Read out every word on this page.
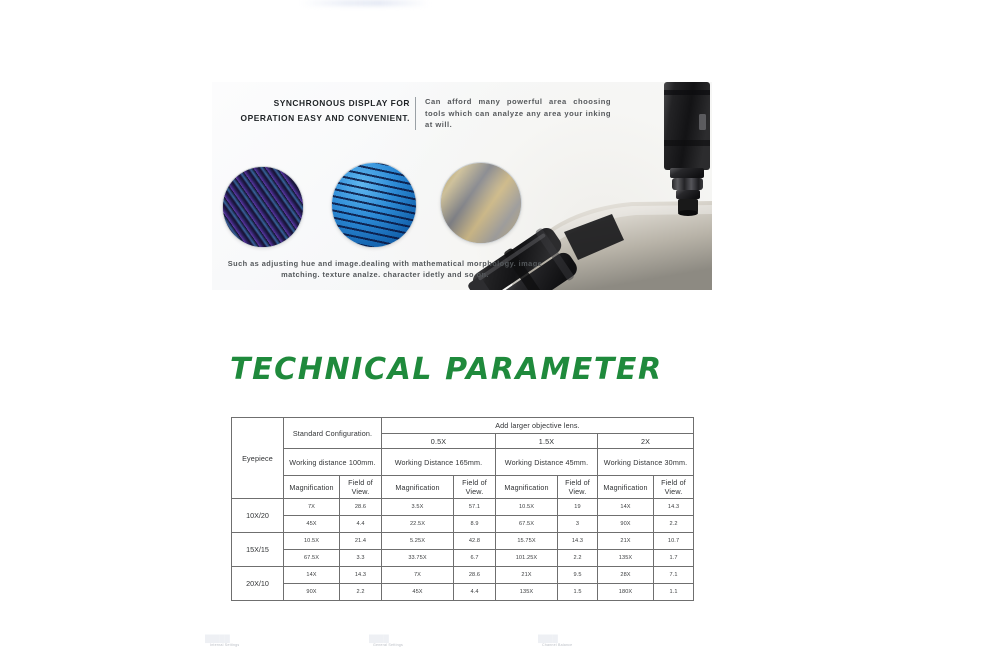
SYNCHRONOUS DISPLAY FOR
OPERATION EASY AND CONVENIENT.
Can afford many powerful area choosing tools which can analyze any area your inking at will.
Such as adjusting hue and image.dealing with mathematical morphology. image matching. texture analze. character idetly and so on.
TECHNICAL PARAMETER
Eyepiece	Standard Configuration.		Add larger objective lens.					
			0.5X		1.5X		2X	
	Working distance 100mm.		Working Distance 165mm.		Working Distance 45mm.		Working Distance 30mm.	
	Magnification	Field of View.	Magnification	Field of View.	Magnification	Field of View.	Magnification	Field of View.
10X/20	7X	28.6	3.5X	57.1	10.5X	19	14X	14.3
	45X	4.4	22.5X	8.9	67.5X	3	90X	2.2
15X/15	10.5X	21.4	5.25X	42.8	15.75X	14.3	21X	10.7
	67.5X	3.3	33.75X	6.7	101.25X	2.2	135X	1.7
20X/10	14X	14.3	7X	28.6	21X	9.5	28X	7.1
	90X	2.2	45X	4.4	135X	1.5	180X	1.1
█████
Internal Settings
████
General Settings
████
Channel Balance
